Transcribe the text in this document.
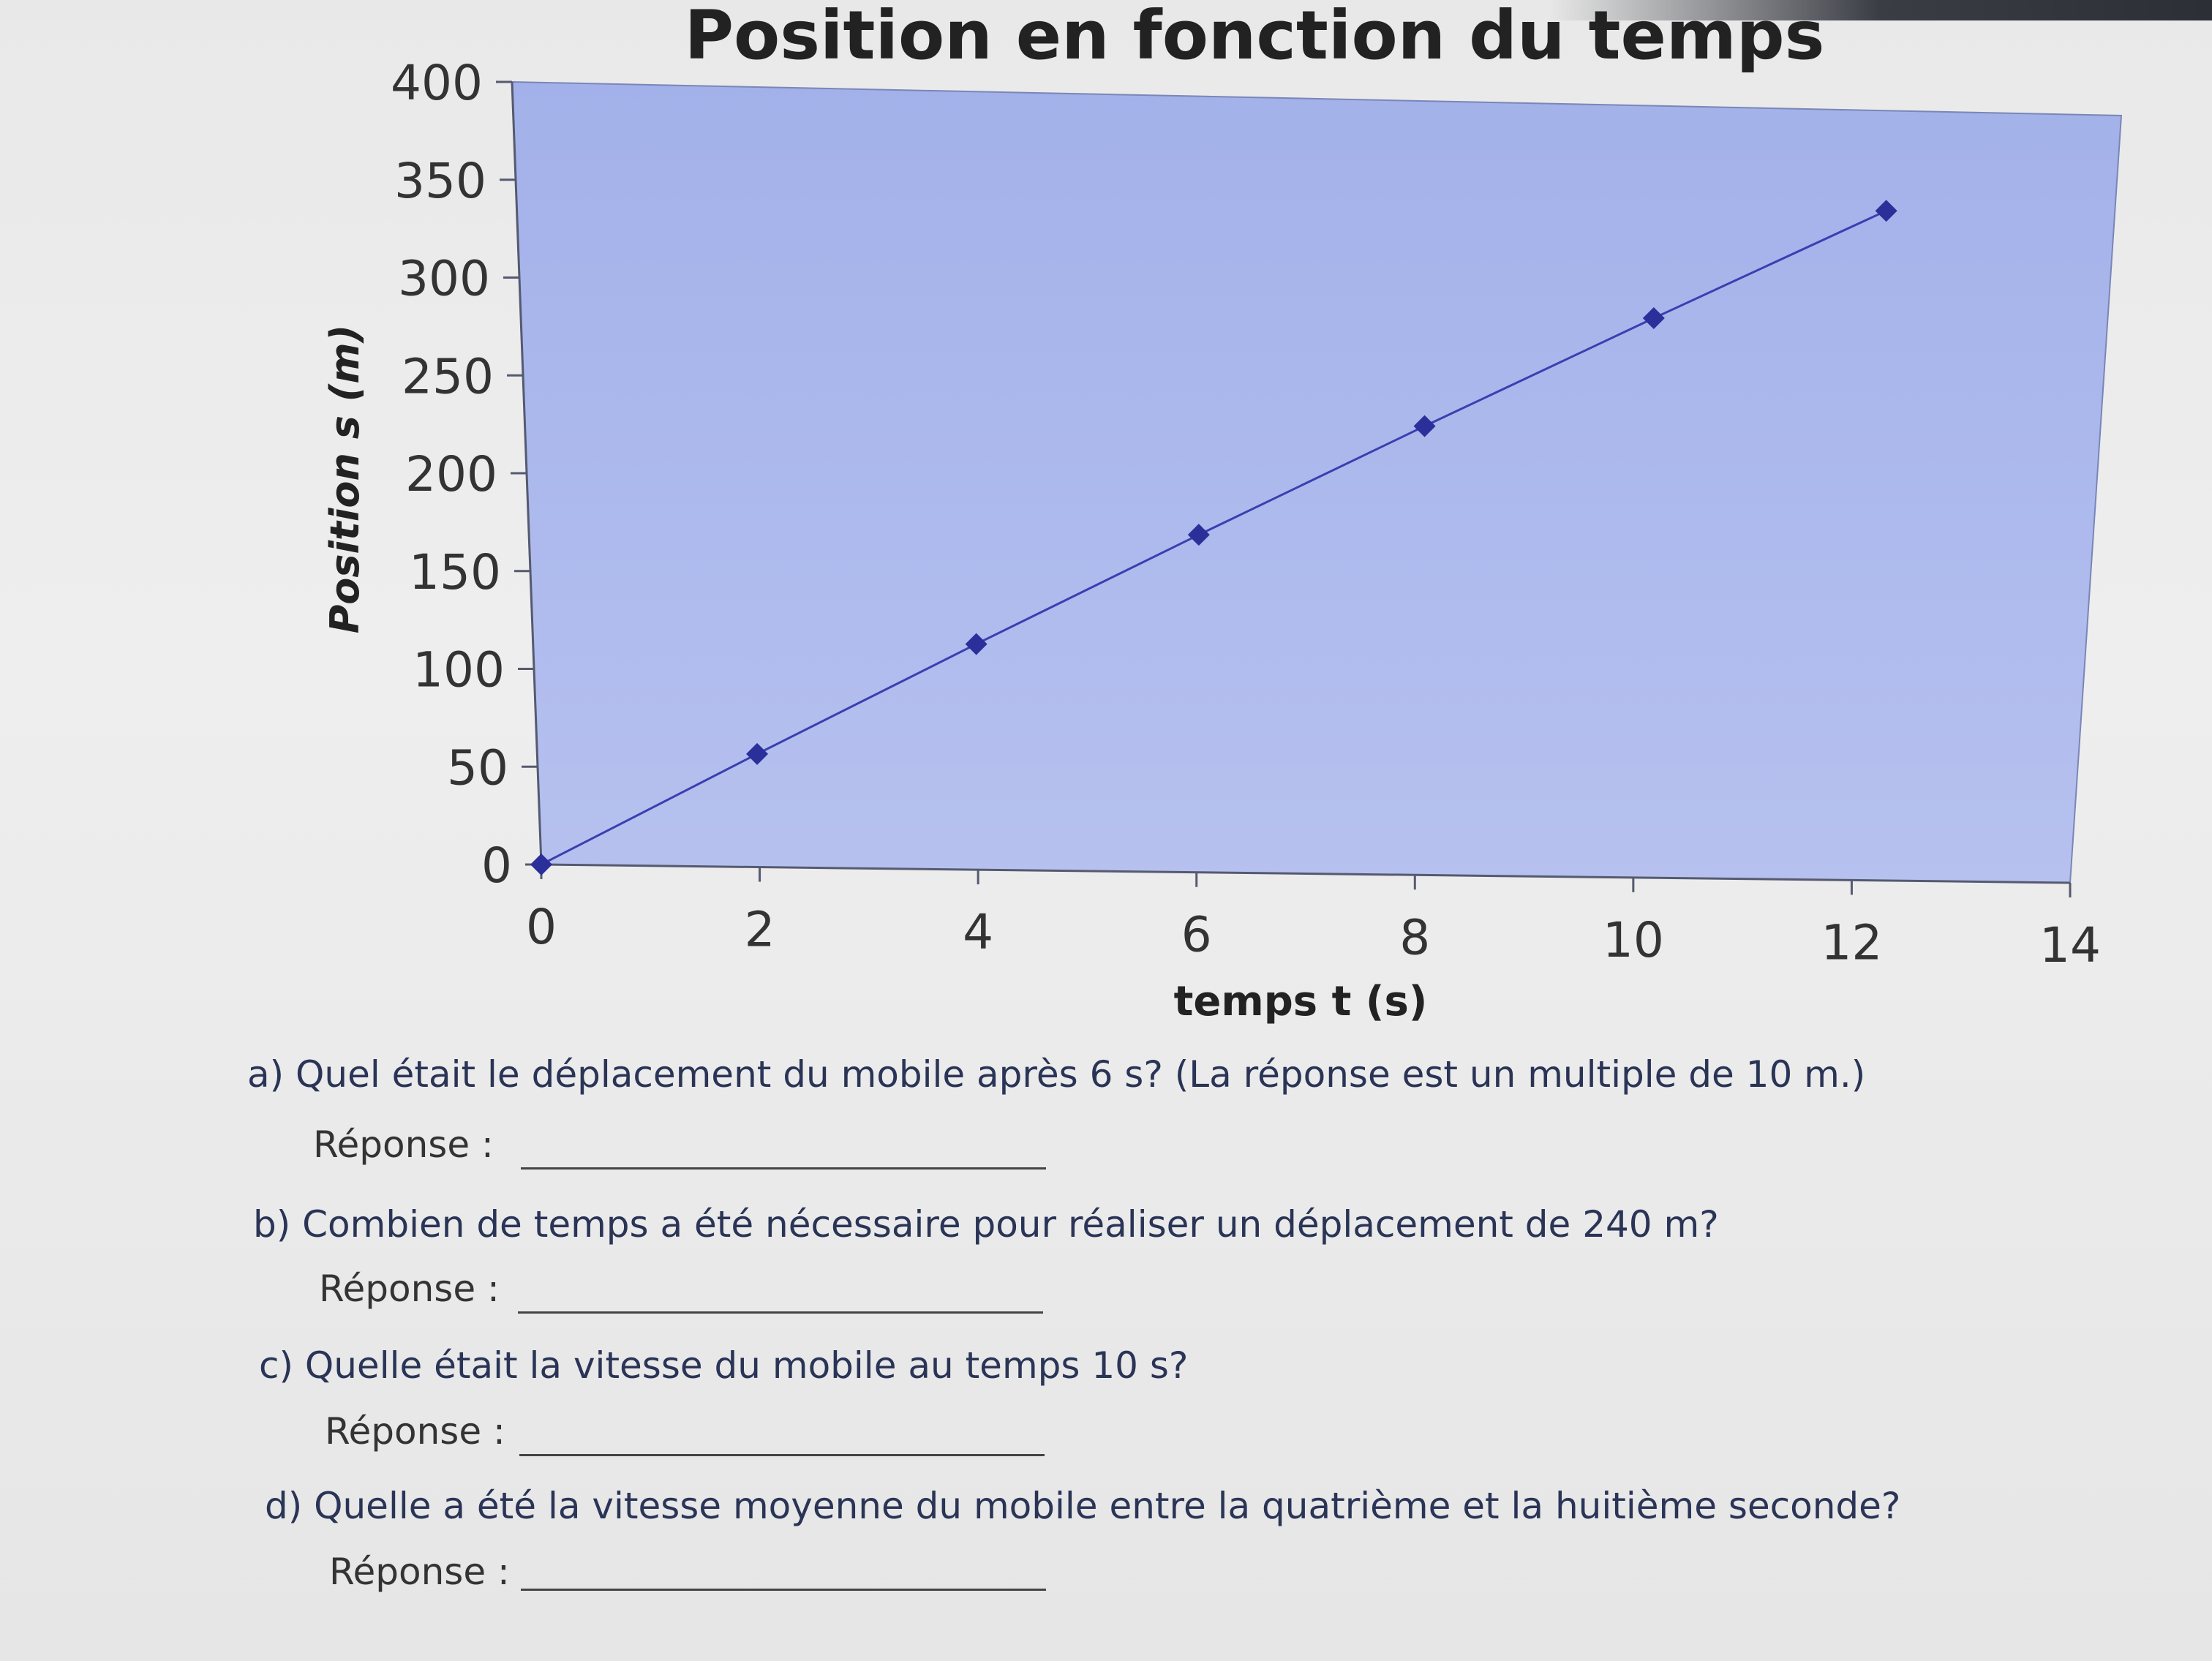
0
50
100
150
200
250
300
350
400
0	2	4	6	8	10	12	14
Position en fonction du temps
temps t (s)
Position s (m)
a) Quel était le déplacement du mobile après 6 s? (La réponse est un multiple de 10 m.)
Réponse :
b) Combien de temps a été nécessaire pour réaliser un déplacement de 240 m?
Réponse :
c) Quelle était la vitesse du mobile au temps 10 s?
Réponse :
d) Quelle a été la vitesse moyenne du mobile entre la quatrième et la huitième seconde?
Réponse :
